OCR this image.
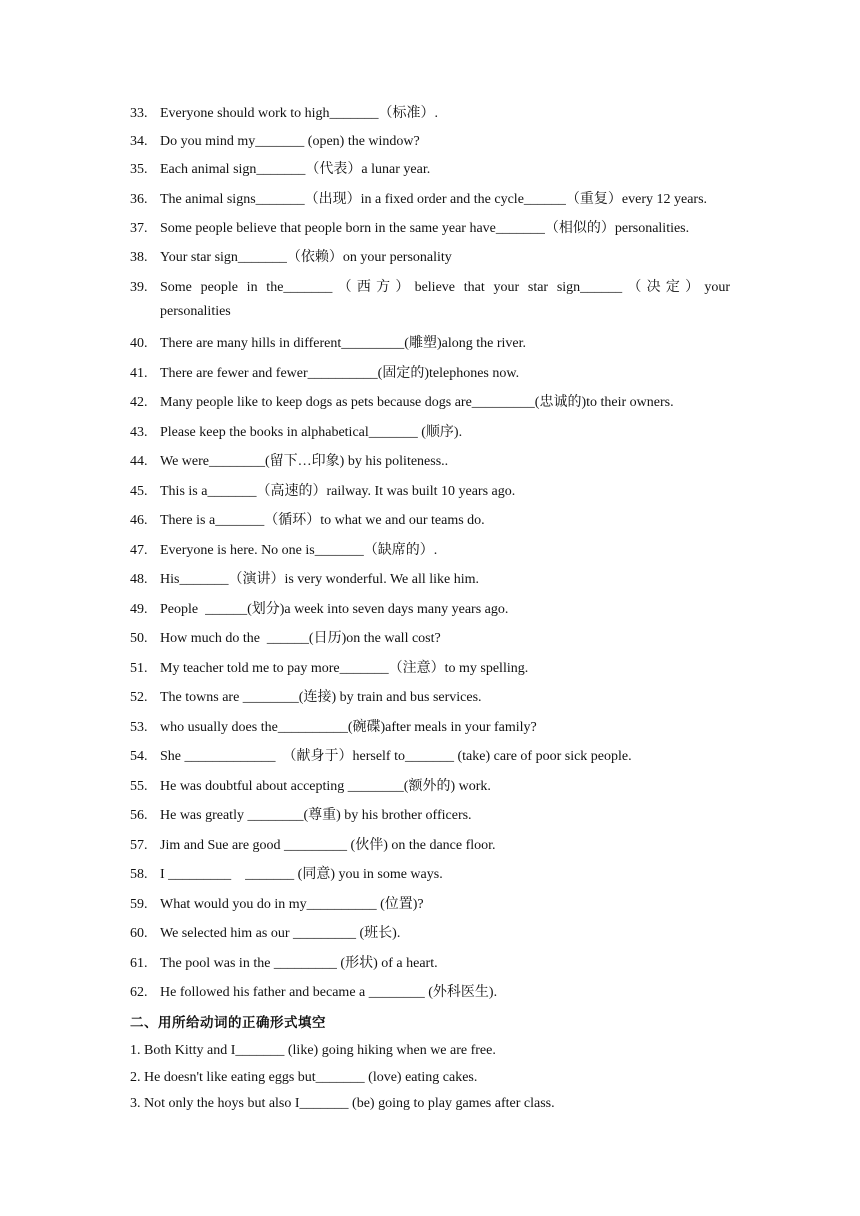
33. Everyone should work to high_______（标准）.
34. Do you mind my_______ (open) the window?
35. Each animal sign_______（代表）a lunar year.
36. The animal signs_______（出现）in a fixed order and the cycle______（重复）every 12 years.
37. Some people believe that people born in the same year have_______（相似的）personalities.
38. Your star sign_______（依赖）on your personality
39. Some people in the_______（西方）believe that your star sign______（决定）your
personalities
40. There are many hills in different_________(雕塑)along the river.
41. There are fewer and fewer__________(固定的)telephones now.
42. Many people like to keep dogs as pets because dogs are_________(忠诚的)to their owners.
43. Please keep the books in alphabetical_______ (顺序).
44. We were________(留下…印象) by his politeness..
45. This is a_______（高速的）railway. It was built 10 years ago.
46. There is a_______（循环）to what we and our teams do.
47. Everyone is here. No one is_______（缺席的）.
48. His_______（演讲）is very wonderful. We all like him.
49. People  ______(划分)a week into seven days many years ago.
50. How much do the  ______(日历)on the wall cost?
51. My teacher told me to pay more_______（注意）to my spelling.
52. The towns are ________(连接) by train and bus services.
53. who usually does the__________(碗碟)after meals in your family?
54. She _____________  （献身于）herself to_______ (take) care of poor sick people.
55. He was doubtful about accepting ________(额外的) work.
56. He was greatly ________(尊重) by his brother officers.
57. Jim and Sue are good _________ (伙伴) on the dance floor.
58. I _________    _______ (同意) you in some ways.
59. What would you do in my__________ (位置)?
60. We selected him as our _________ (班长).
61. The pool was in the _________ (形状) of a heart.
62. He followed his father and became a ________ (外科医生).
二、用所给动词的正确形式填空
1. Both Kitty and I_______ (like) going hiking when we are free.
2. He doesn't like eating eggs but_______ (love) eating cakes.
3. Not only the hoys but also I_______ (be) going to play games after class.
